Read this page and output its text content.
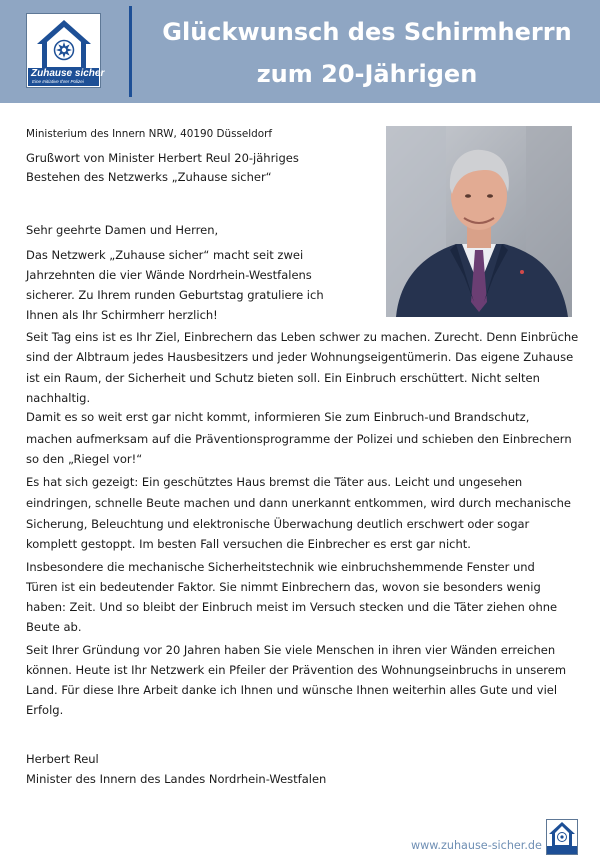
Zuhause sicher
Eine Initiative Ihrer Polizei
Glückwunsch des Schirmherrn
zum 20-Jährigen
Ministerium des Innern NRW, 40190 Düsseldorf
Grußwort von Minister Herbert Reul 20-jähriges
Bestehen des Netzwerks „Zuhause sicher“
Sehr geehrte Damen und Herren,
Das Netzwerk „Zuhause sicher“ macht seit zwei
Jahrzehnten die vier Wände Nordrhein-Westfalens
sicherer. Zu Ihrem runden Geburtstag gratuliere ich
Ihnen als Ihr Schirmherr herzlich!
Seit Tag eins ist es Ihr Ziel, Einbrechern das Leben schwer zu machen. Zurecht. Denn Einbrüche
sind der Albtraum jedes Hausbesitzers und jeder Wohnungseigentümerin. Das eigene Zuhause
ist ein Raum, der Sicherheit und Schutz bieten soll. Ein Einbruch erschüttert. Nicht selten
nachhaltig.
Damit es so weit erst gar nicht kommt, informieren Sie zum Einbruch-und Brandschutz,
machen aufmerksam auf die Präventionsprogramme der Polizei und schieben den Einbrechern
so den „Riegel vor!“
Es hat sich gezeigt: Ein geschütztes Haus bremst die Täter aus. Leicht und ungesehen
eindringen, schnelle Beute machen und dann unerkannt entkommen, wird durch mechanische
Sicherung, Beleuchtung und elektronische Überwachung deutlich erschwert oder sogar
komplett gestoppt. Im besten Fall versuchen die Einbrecher es erst gar nicht.
Insbesondere die mechanische Sicherheitstechnik wie einbruchshemmende Fenster und
Türen ist ein bedeutender Faktor. Sie nimmt Einbrechern das, wovon sie besonders wenig
haben: Zeit. Und so bleibt der Einbruch meist im Versuch stecken und die Täter ziehen ohne
Beute ab.
Seit Ihrer Gründung vor 20 Jahren haben Sie viele Menschen in ihren vier Wänden erreichen
können. Heute ist Ihr Netzwerk ein Pfeiler der Prävention des Wohnungseinbruchs in unserem
Land. Für diese Ihre Arbeit danke ich Ihnen und wünsche Ihnen weiterhin alles Gute und viel
Erfolg.
Herbert Reul
Minister des Innern des Landes Nordrhein-Westfalen
www.zuhause-sicher.de
